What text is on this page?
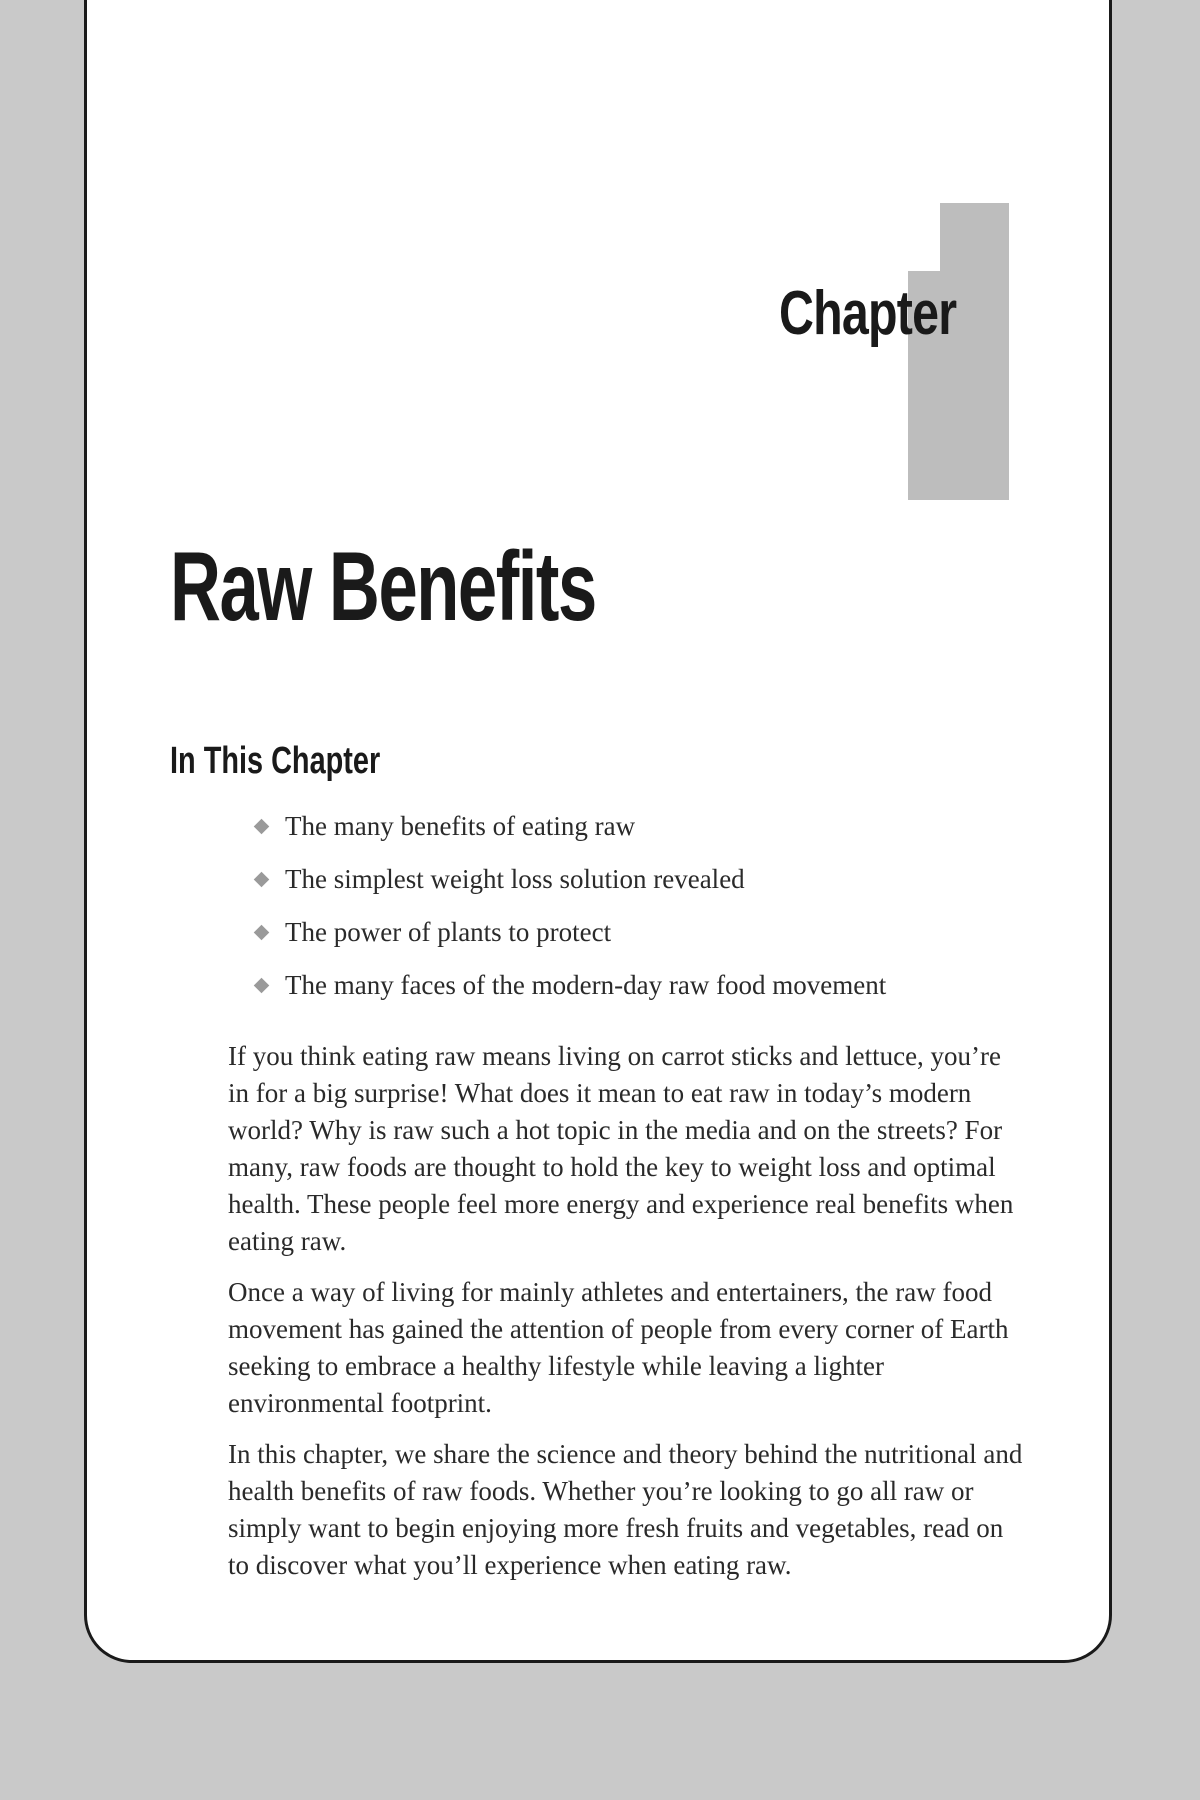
Chapter
Raw Benefits
In This Chapter
The many benefits of eating raw
The simplest weight loss solution revealed
The power of plants to protect
The many faces of the modern-day raw food movement

If you think eating raw means living on carrot sticks and lettuce, you’re in for a big surprise! What does it mean to eat raw in today’s modern world? Why is raw such a hot topic in the media and on the streets? For many, raw foods are thought to hold the key to weight loss and optimal health. These people feel more energy and experience real benefits when eating raw.

Once a way of living for mainly athletes and entertainers, the raw food movement has gained the attention of people from every corner of Earth seeking to embrace a healthy lifestyle while leaving a lighter environmental footprint.

In this chapter, we share the science and theory behind the nutritional and health benefits of raw foods. Whether you’re looking to go all raw or simply want to begin enjoying more fresh fruits and vegetables, read on to discover what you’ll experience when eating raw.
